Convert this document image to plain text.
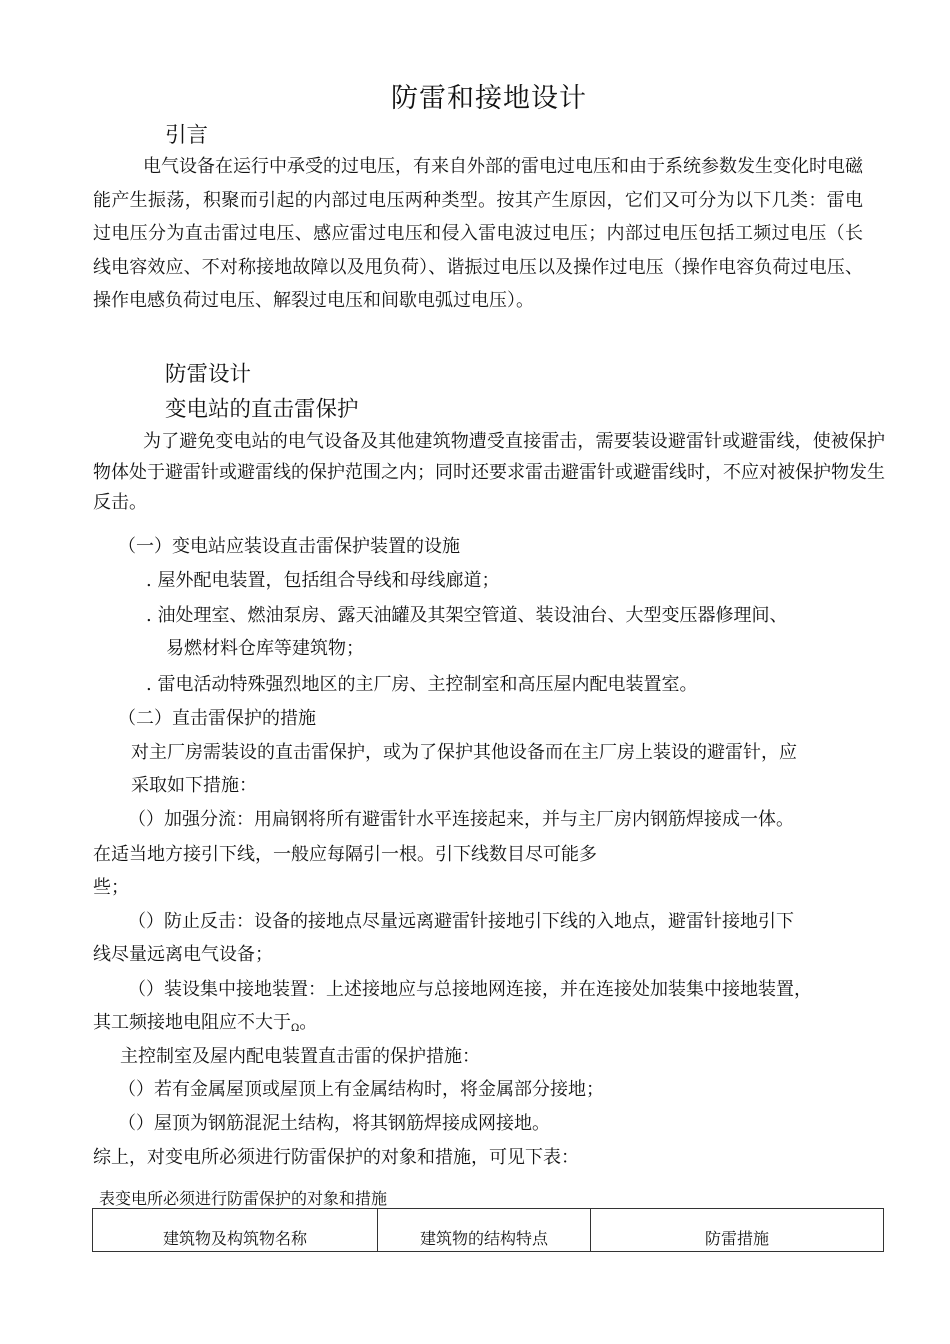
防雷和接地设计
引言

电气设备在运行中承受的过电压，有来自外部的雷电过电压和由于系统参数发生变化时电磁能产生振荡，积聚而引起的内部过电压两种类型。按其产生原因，它们又可分为以下几类：雷电过电压分为直击雷过电压、感应雷过电压和侵入雷电波过电压；内部过电压包括工频过电压（长线电容效应、不对称接地故障以及甩负荷）、谐振过电压以及操作过电压（操作电容负荷过电压、操作电感负荷过电压、解裂过电压和间歇电弧过电压）。

防雷设计
变电站的直击雷保护

为了避免变电站的电气设备及其他建筑物遭受直接雷击，需要装设避雷针或避雷线，使被保护物体处于避雷针或避雷线的保护范围之内；同时还要求雷击避雷针或避雷线时，不应对被保护物发生反击。

（一）变电站应装设直击雷保护装置的设施

. 屋外配电装置，包括组合导线和母线廊道；

. 油处理室、燃油泵房、露天油罐及其架空管道、装设油台、大型变压器修理间、

易燃材料仓库等建筑物；

. 雷电活动特殊强烈地区的主厂房、主控制室和高压屋内配电装置室。

（二）直击雷保护的措施

对主厂房需装设的直击雷保护，或为了保护其他设备而在主厂房上装设的避雷针，应

采取如下措施：

（）加强分流：用扁钢将所有避雷针水平连接起来，并与主厂房内钢筋焊接成一体。

在适当地方接引下线，一般应每隔引一根。引下线数目尽可能多

些；

（）防止反击：设备的接地点尽量远离避雷针接地引下线的入地点，避雷针接地引下

线尽量远离电气设备；

（）装设集中接地装置：上述接地应与总接地网连接，并在连接处加装集中接地装置，

其工频接地电阻应不大于Ω。

主控制室及屋内配电装置直击雷的保护措施：

（）若有金属屋顶或屋顶上有金属结构时，将金属部分接地；

（）屋顶为钢筋混泥土结构，将其钢筋焊接成网接地。

综上，对变电所必须进行防雷保护的对象和措施，可见下表：

表变电所必须进行防雷保护的对象和措施

建筑物及构筑物名称	建筑物的结构特点	防雷措施
